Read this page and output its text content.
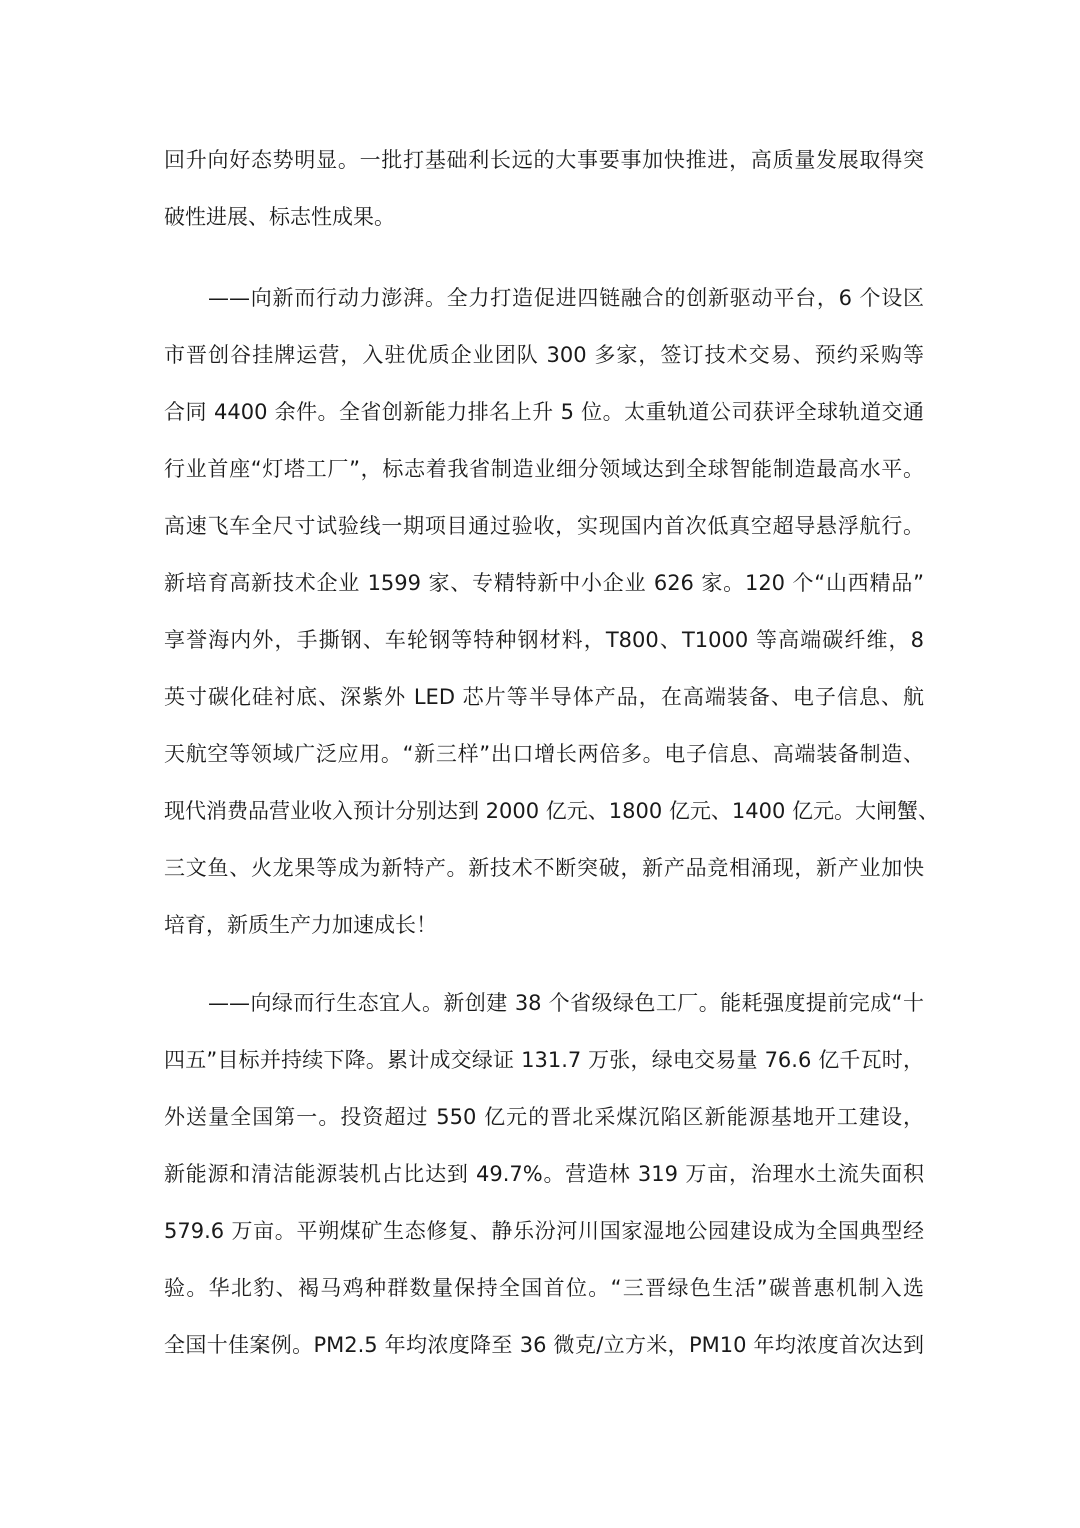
回升向好态势明显。一批打基础利长远的大事要事加快推进，高质量发展取得突
破性进展、标志性成果。
——向新而行动力澎湃。全力打造促进四链融合的创新驱动平台，6 个设区
市晋创谷挂牌运营，入驻优质企业团队 300 多家，签订技术交易、预约采购等
合同 4400 余件。全省创新能力排名上升 5 位。太重轨道公司获评全球轨道交通
行业首座“灯塔工厂”，标志着我省制造业细分领域达到全球智能制造最高水平。
高速飞车全尺寸试验线一期项目通过验收，实现国内首次低真空超导悬浮航行。
新培育高新技术企业 1599 家、专精特新中小企业 626 家。120 个“山西精品”
享誉海内外，手撕钢、车轮钢等特种钢材料，T800、T1000 等高端碳纤维，8
英寸碳化硅衬底、深紫外 LED 芯片等半导体产品，在高端装备、电子信息、航
天航空等领域广泛应用。“新三样”出口增长两倍多。电子信息、高端装备制造、
现代消费品营业收入预计分别达到 2000 亿元、1800 亿元、1400 亿元。大闸蟹、
三文鱼、火龙果等成为新特产。新技术不断突破，新产品竞相涌现，新产业加快
培育，新质生产力加速成长！
——向绿而行生态宜人。新创建 38 个省级绿色工厂。能耗强度提前完成“十
四五”目标并持续下降。累计成交绿证 131.7 万张，绿电交易量 76.6 亿千瓦时，
外送量全国第一。投资超过 550 亿元的晋北采煤沉陷区新能源基地开工建设，
新能源和清洁能源装机占比达到 49.7%。营造林 319 万亩，治理水土流失面积
579.6 万亩。平朔煤矿生态修复、静乐汾河川国家湿地公园建设成为全国典型经
验。华北豹、褐马鸡种群数量保持全国首位。“三晋绿色生活”碳普惠机制入选
全国十佳案例。PM2.5 年均浓度降至 36 微克/立方米，PM10 年均浓度首次达到
